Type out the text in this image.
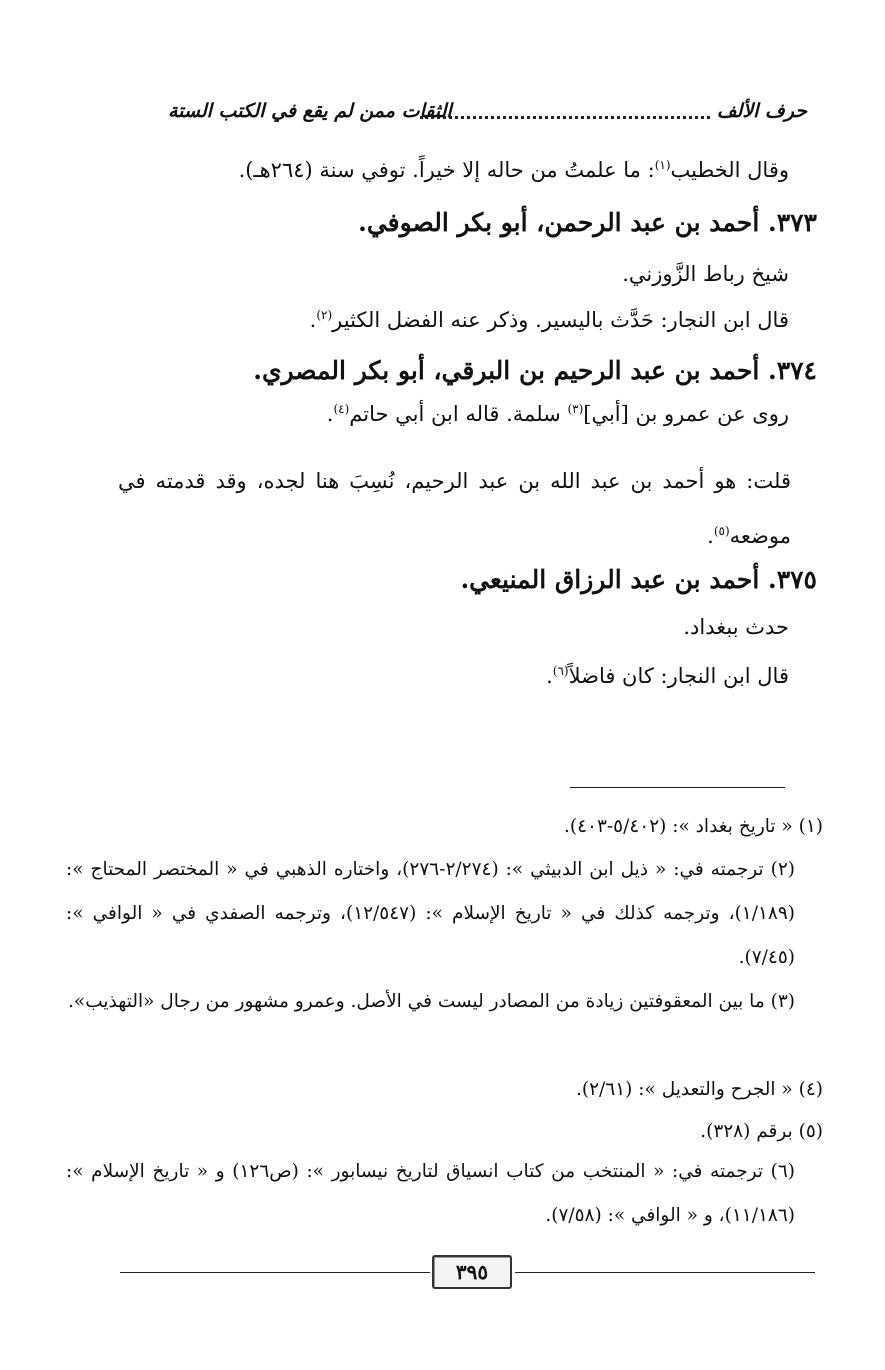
حرف الألف
الثقات ممن لم يقع في الكتب الستة
وقال الخطيب$^{(١)}$: ما علمتُ من حاله إلا خيراً. توفي سنة (٢٦٤هـ).
٣٧٣. أحمد بن عبد الرحمن، أبو بكر الصوفي.
شيخ رباط الزَّوزني.
قال ابن النجار: حَدَّث باليسير. وذكر عنه الفضل الكثير$^{(٢)}$.
٣٧٤. أحمد بن عبد الرحيم بن البرقي، أبو بكر المصري.
روى عن عمرو بن [أبي]$^{(٣)}$ سلمة. قاله ابن أبي حاتم$^{(٤)}$.
قلت: هو أحمد بن عبد الله بن عبد الرحيم، نُسِبَ هنا لجده، وقد قدمته في موضعه$^{(٥)}$.
٣٧٥. أحمد بن عبد الرزاق المنيعي.
حدث ببغداد.
قال ابن النجار: كان فاضلاً$^{(٦)}$.
(١) « تاريخ بغداد »: (٥/٤٠٢-٤٠٣).
(٢) ترجمته في: « ذيل ابن الدبيثي »: (٢/٢٧٤-٢٧٦)، واختاره الذهبي في « المختصر المحتاج »: (١/١٨٩)، وترجمه كذلك في « تاريخ الإسلام »: (١٢/٥٤٧)، وترجمه الصفدي في « الوافي »: (٧/٤٥).
(٣) ما بين المعقوفتين زيادة من المصادر ليست في الأصل. وعمرو مشهور من رجال «التهذيب».
(٤) « الجرح والتعديل »: (٢/٦١).
(٥) برقم (٣٢٨).
(٦) ترجمته في: « المنتخب من كتاب انسياق لتاريخ نيسابور »: (ص١٢٦) و « تاريخ الإسلام »: (١١/١٨٦)، و « الوافي »: (٧/٥٨).
٣٩٥
